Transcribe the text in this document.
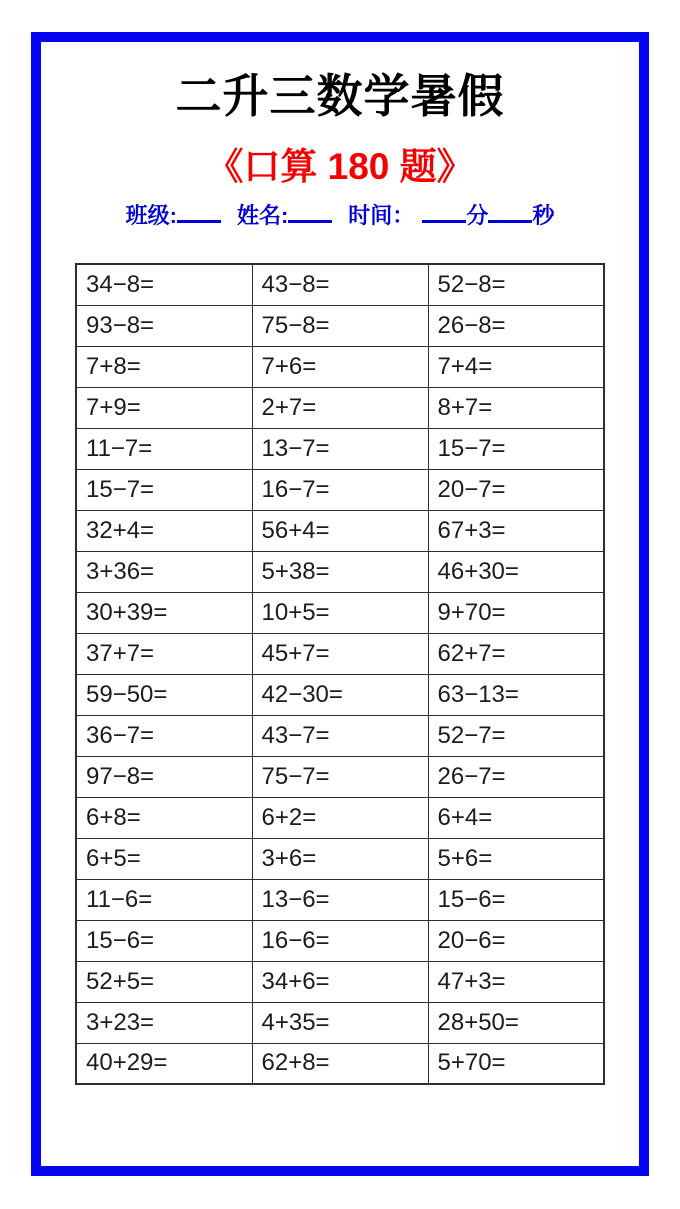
二升三数学暑假
《口算 180 题》
班级:	姓名:	时间： 分 秒
34−8=	43−8=	52−8=
93−8=	75−8=	26−8=
7+8=	7+6=	7+4=
7+9=	2+7=	8+7=
11−7=	13−7=	15−7=
15−7=	16−7=	20−7=
32+4=	56+4=	67+3=
3+36=	5+38=	46+30=
30+39=	10+5=	9+70=
37+7=	45+7=	62+7=
59−50=	42−30=	63−13=
36−7=	43−7=	52−7=
97−8=	75−7=	26−7=
6+8=	6+2=	6+4=
6+5=	3+6=	5+6=
11−6=	13−6=	15−6=
15−6=	16−6=	20−6=
52+5=	34+6=	47+3=
3+23=	4+35=	28+50=
40+29=	62+8=	5+70=
